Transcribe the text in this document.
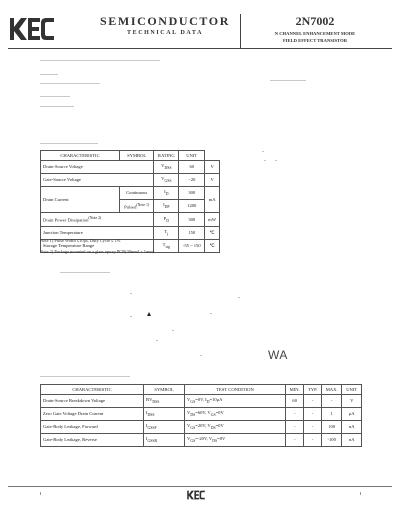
SEMICONDUCTOR
TECHNICAL DATA
2N7002
N CHANNEL ENHANCEMENT MODE
FIELD EFFECT TRANSISTOR
CHARACTERISTIC	SYMBOL	RATING	UNIT	
Drain-Source Voltage		$V_{DSS}$	60	V
Gate-Source Voltage		$V_{GSS}$	−20	V
Drain Current	Continuous	$I_D$	300	mA
	Pulsed$^{(Note 1)}$	$I_{DP}$	1200	
Drain Power Dissipation$^{(Note 2)}$		$P_D$	300	mW
Junction Temperature		$T_j$	150	℃
Storage Temperature Range		$T_{stg}$	-55 ~ 150	℃
Note 1) Pulse Width ≤10μs, Duty Cycle ≤ 1%
Note 2) Package mounted on a glass epoxy PCB(30mm² × 1mm)
WA
CHARACTERISTIC	SYMBOL	TEST CONDITION	MIN.	TYP.	MAX.	UNIT
Drain-Source Breakdown Voltage	$BV_{DSS}$	$V_{GS}=0V$, $I_D=10\mu A$	60	-	-	V
Zero Gate Voltage Drain Current	$I_{DSS}$	$V_{DS}=60V$, $V_{GS}=0V$	-	-	1	μA
Gate-Body Leakage, Forward	$I_{GSSF}$	$V_{GS}=20V$, $V_{DS}=0V$	-	-	100	nA
Gate-Body Leakage, Reverse	$I_{GSSR}$	$V_{GS}=-20V$, $V_{DS}=0V$	-	-	-100	nA
